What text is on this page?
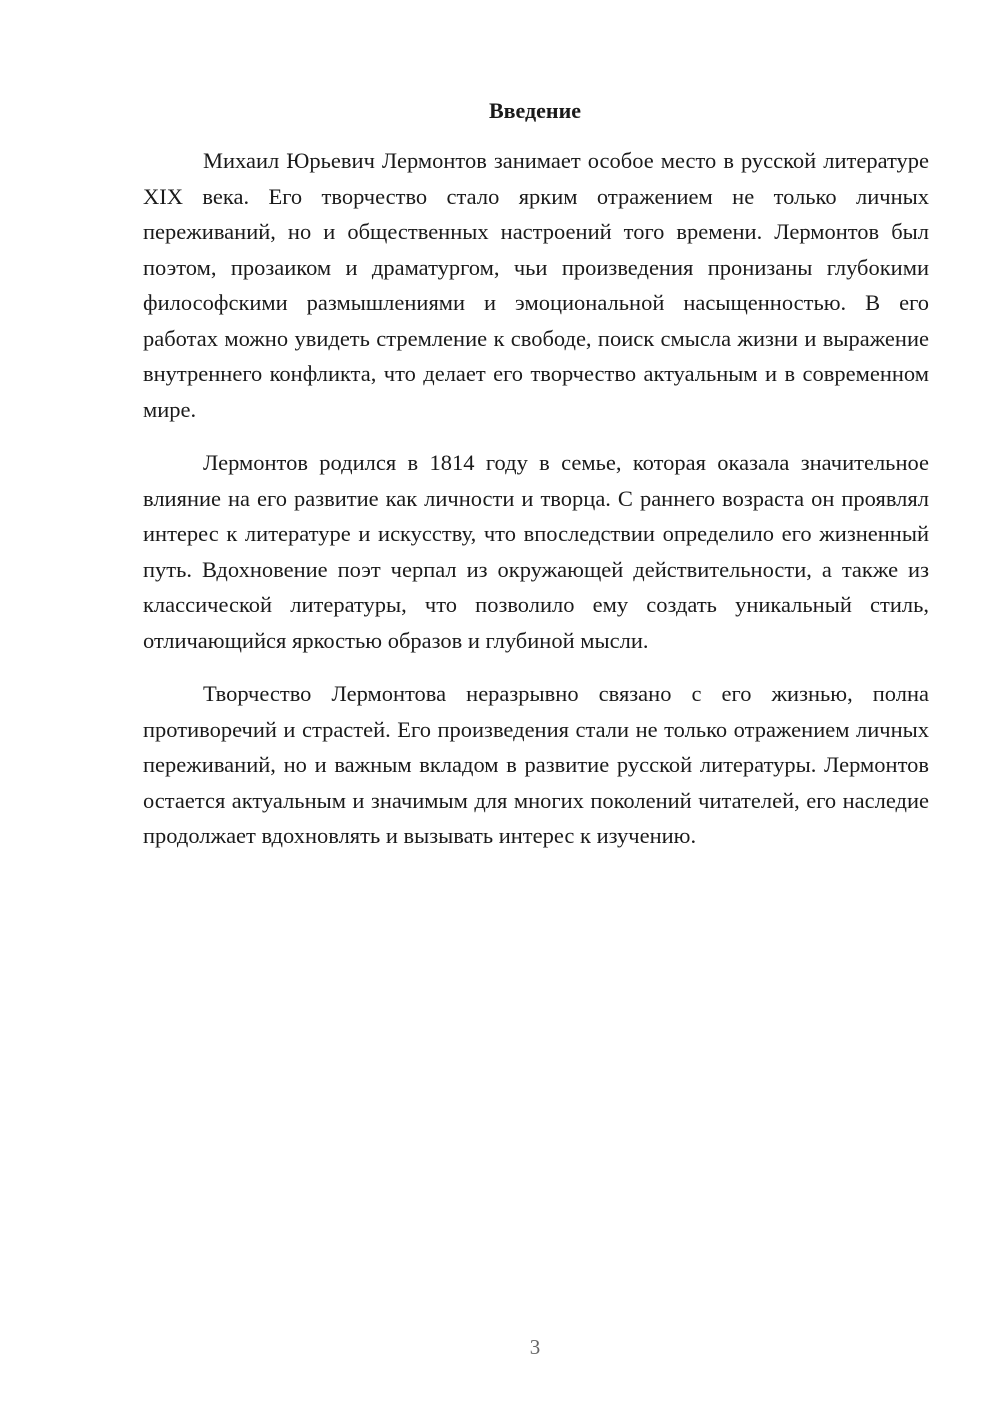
Введение

Михаил Юрьевич Лермонтов занимает особое место в русской литературе XIX века. Его творчество стало ярким отражением не только личных переживаний, но и общественных настроений того времени. Лермонтов был поэтом, прозаиком и драматургом, чьи произведения пронизаны глубокими философскими размышлениями и эмоциональной насыщенностью. В его работах можно увидеть стремление к свободе, поиск смысла жизни и выражение внутреннего конфликта, что делает его творчество актуальным и в современном мире.

Лермонтов родился в 1814 году в семье, которая оказала значительное влияние на его развитие как личности и творца. С раннего возраста он проявлял интерес к литературе и искусству, что впоследствии определило его жизненный путь. Вдохновение поэт черпал из окружающей действительности, а также из классической литературы, что позволило ему создать уникальный стиль, отличающийся яркостью образов и глубиной мысли.

Творчество Лермонтова неразрывно связано с его жизнью, полна противоречий и страстей. Его произведения стали не только отражением личных переживаний, но и важным вкладом в развитие русской литературы. Лермонтов остается актуальным и значимым для многих поколений читателей, его наследие продолжает вдохновлять и вызывать интерес к изучению.

3
